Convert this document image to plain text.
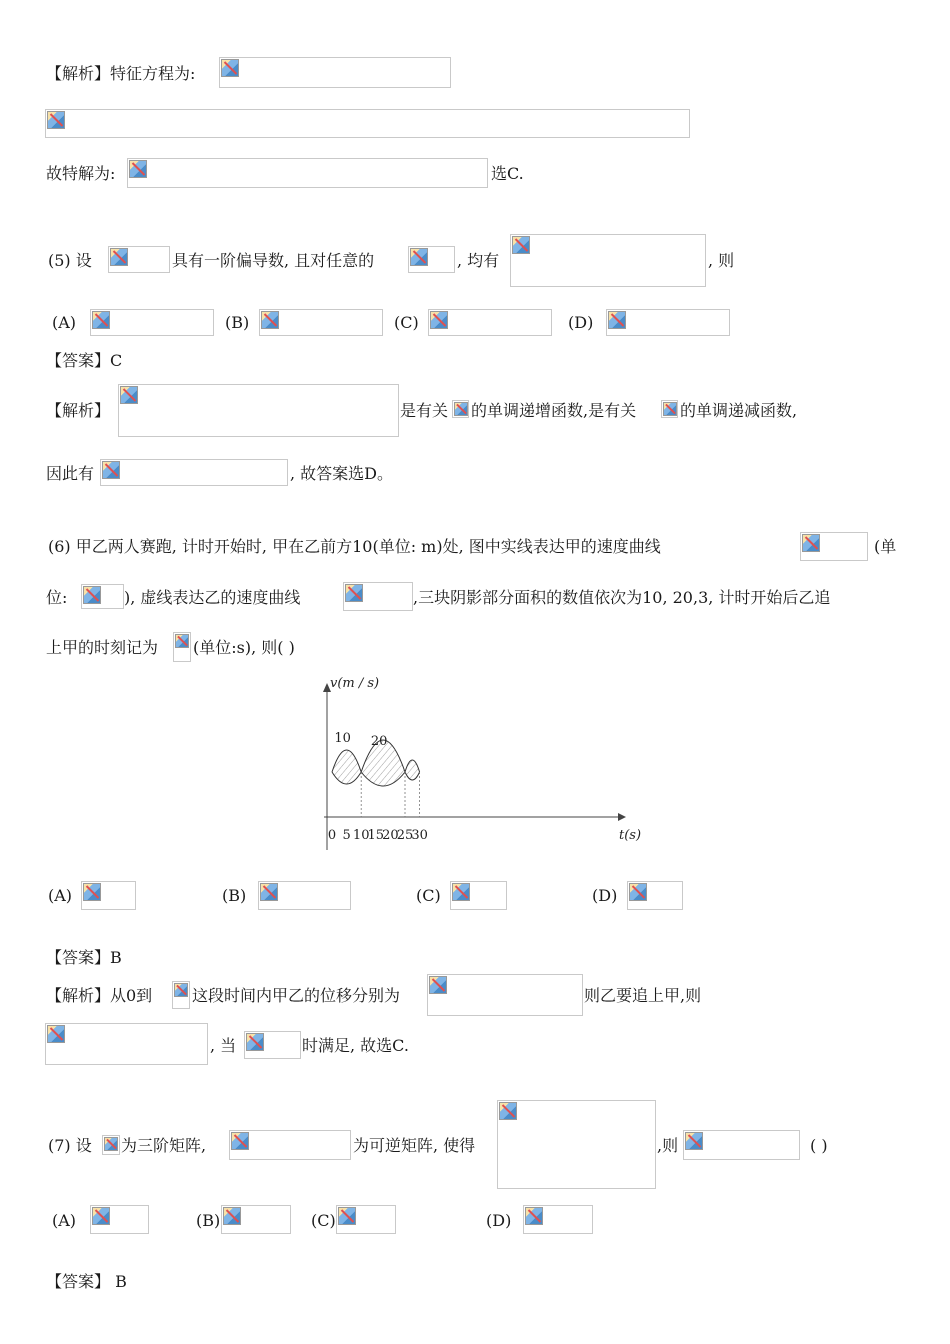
【解析】特征方程为:
故特解为:	选C.
(5) 设	具有一阶偏导数, 且对任意的	, 均有	, 则
(A)	(B)	(C)	(D)
【答案】C
【解析】	是有关 的单调递增函数,是有关	的单调递减函数,
因此有	, 故答案选D。
(6) 甲乙两人赛跑, 计时开始时, 甲在乙前方10(单位: m)处, 图中实线表达甲的速度曲线	(单
位:	), 虚线表达乙的速度曲线	,三块阴影部分面积的数值依次为10, 20,3, 计时开始后乙追
上甲的时刻记为 (单位:s), 则( )
v(m / s)
t(s)
0 5 10
15
20
25
30
10 20
(A)	(B)	(C)	(D)
【答案】B
【解析】从0到 这段时间内甲乙的位移分别为	则乙要追上甲,则
, 当	时满足, 故选C.
(7) 设 为三阶矩阵,	为可逆矩阵, 使得	,则	( )
(A)	(B)	(C)	(D)
【答案】 B
